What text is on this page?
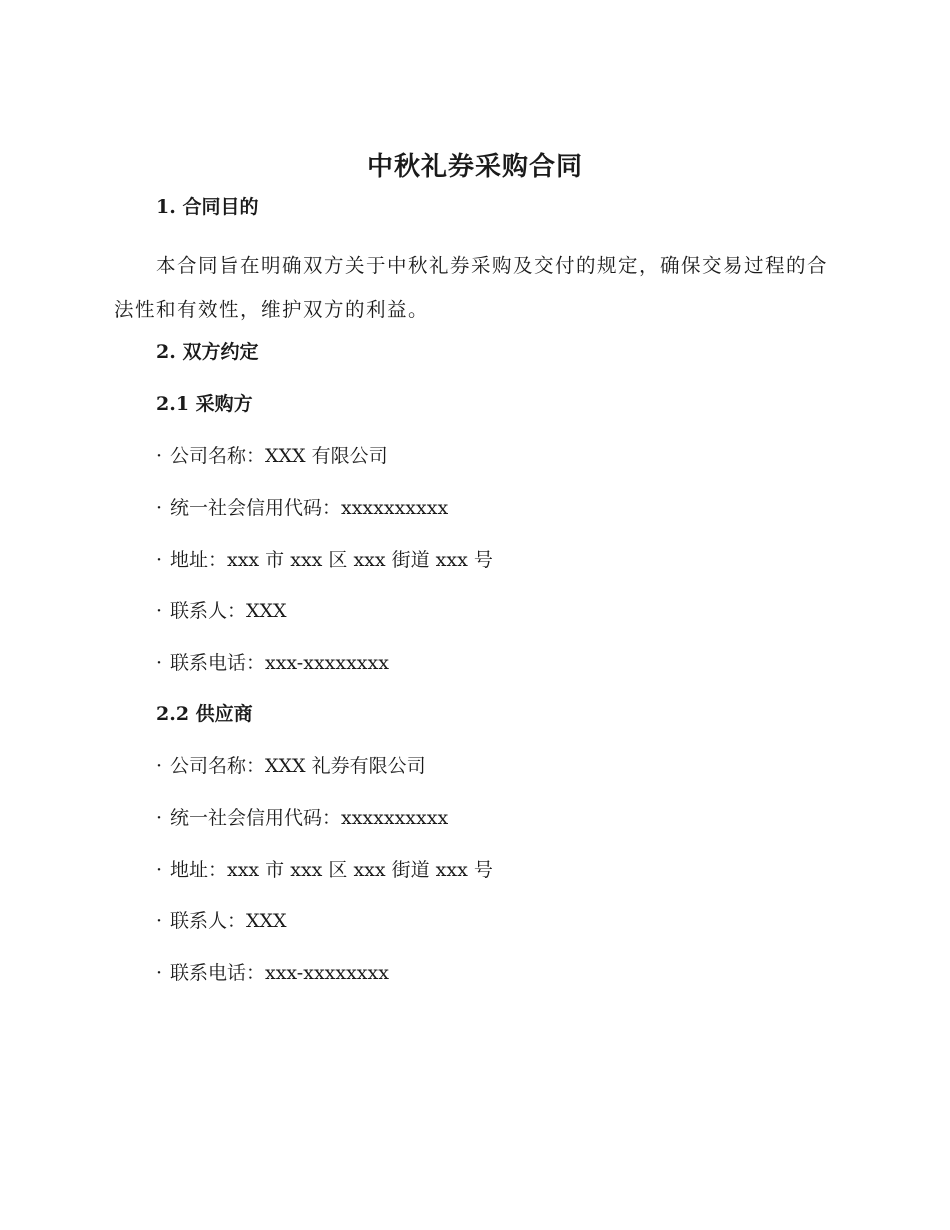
中秋礼券采购合同
1. 合同目的
本合同旨在明确双方关于中秋礼券采购及交付的规定，确保交易过程的合法性和有效性，维护双方的利益。
2. 双方约定
2.1 采购方
· 公司名称：XXX 有限公司
· 统一社会信用代码：xxxxxxxxxx
· 地址：xxx 市 xxx 区 xxx 街道 xxx 号
· 联系人：XXX
· 联系电话：xxx-xxxxxxxx
2.2 供应商
· 公司名称：XXX 礼券有限公司
· 统一社会信用代码：xxxxxxxxxx
· 地址：xxx 市 xxx 区 xxx 街道 xxx 号
· 联系人：XXX
· 联系电话：xxx-xxxxxxxx
